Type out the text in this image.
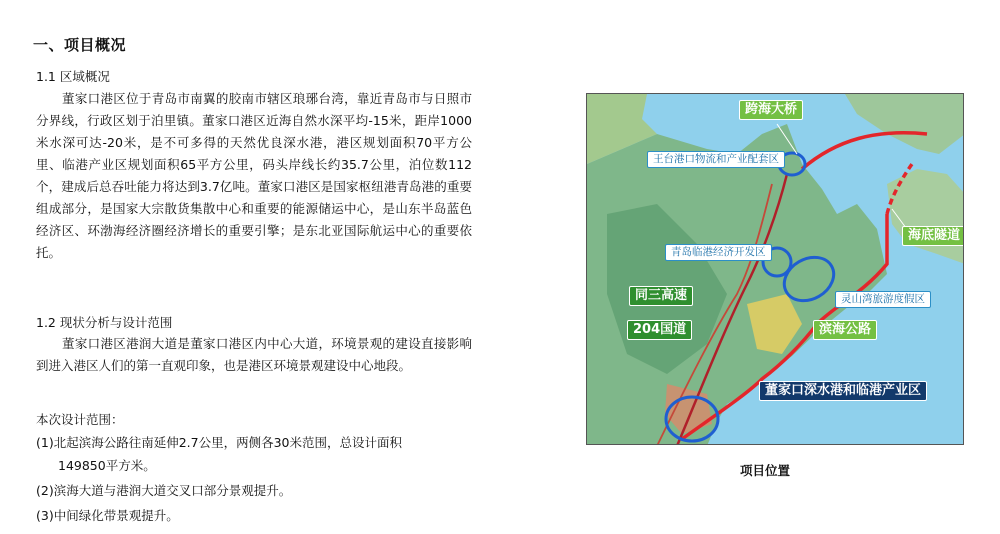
一、项目概况
1.1 区域概况

董家口港区位于青岛市南翼的胶南市辖区琅琊台湾，靠近青岛市与日照市分界线，行政区划于泊里镇。董家口港区近海自然水深平均-15米，距岸1000米水深可达-20米，是不可多得的天然优良深水港，港区规划面积70平方公里、临港产业区规划面积65平方公里，码头岸线长约35.7公里，泊位数112个，建成后总吞吐能力将达到3.7亿吨。董家口港区是国家枢纽港青岛港的重要组成部分，是国家大宗散货集散中心和重要的能源储运中心，是山东半岛蓝色经济区、环渤海经济圈经济增长的重要引擎；是东北亚国际航运中心的重要依托。

1.2 现状分析与设计范围

董家口港区港润大道是董家口港区内中心大道，环境景观的建设直接影响到进入港区人们的第一直观印象，也是港区环境景观建设中心地段。

本次设计范围：
(1)北起滨海公路往南延伸2.7公里，两侧各30米范围，总设计面积
149850平方米。
(2)滨海大道与港润大道交叉口部分景观提升。
(3)中间绿化带景观提升。
跨海大桥
王台港口物流和产业配套区
海底隧道
青岛临港经济开发区
同三高速	灵山湾旅游度假区
204国道	滨海公路
董家口深水港和临港产业区
项目位置
